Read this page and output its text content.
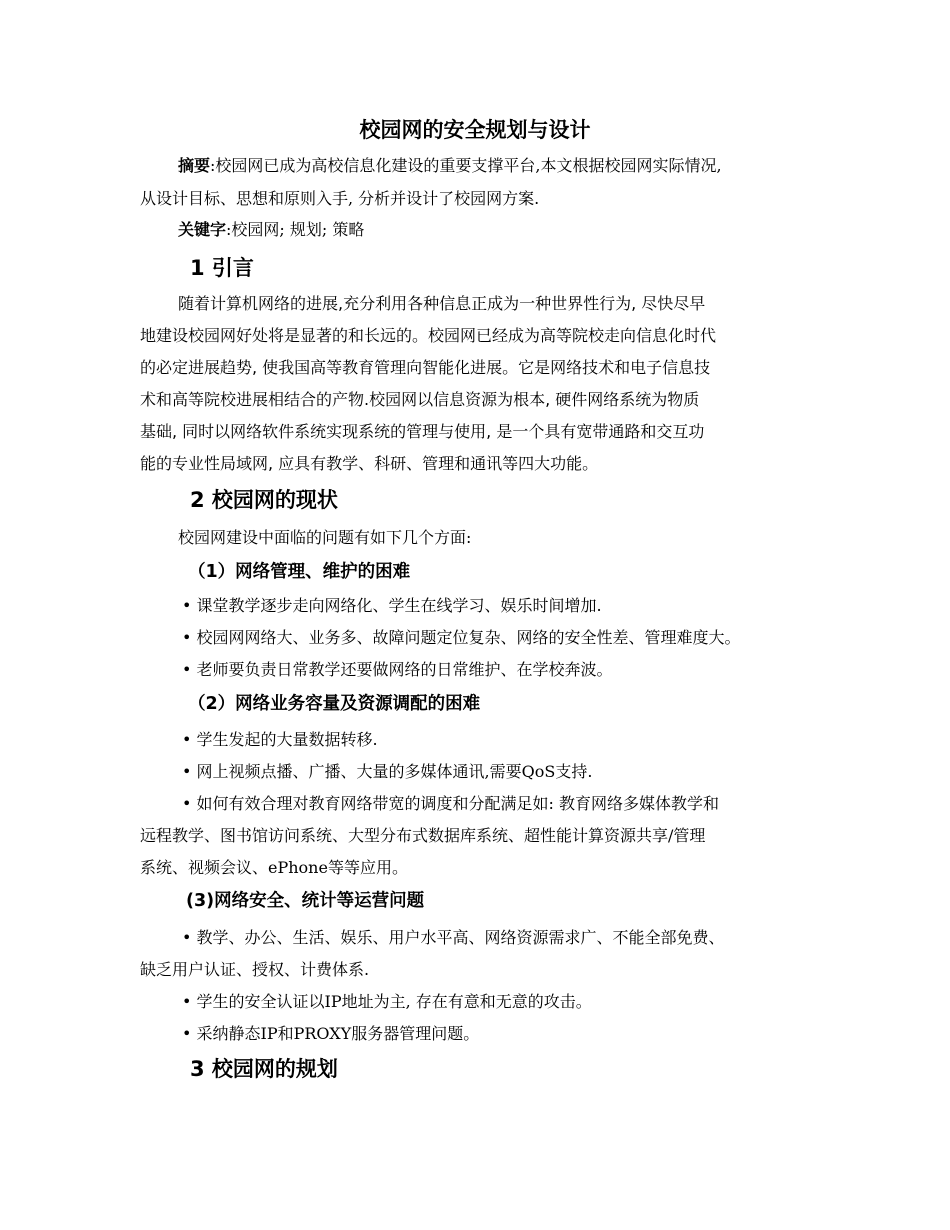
校园网的安全规划与设计
摘要:校园网已成为高校信息化建设的重要支撑平台,本文根据校园网实际情况,
从设计目标、思想和原则入手, 分析并设计了校园网方案.
关键字:校园网; 规划; 策略
1 引言
随着计算机网络的进展,充分利用各种信息正成为一种世界性行为, 尽快尽早
地建设校园网好处将是显著的和长远的。校园网已经成为高等院校走向信息化时代
的必定进展趋势, 使我国高等教育管理向智能化进展。它是网络技术和电子信息技
术和高等院校进展相结合的产物.校园网以信息资源为根本, 硬件网络系统为物质
基础, 同时以网络软件系统实现系统的管理与使用, 是一个具有宽带通路和交互功
能的专业性局域网, 应具有教学、科研、管理和通讯等四大功能。
2 校园网的现状
校园网建设中面临的问题有如下几个方面:
（1）网络管理、维护的困难
• 课堂教学逐步走向网络化、学生在线学习、娱乐时间增加.
• 校园网网络大、业务多、故障问题定位复杂、网络的安全性差、管理难度大。
• 老师要负责日常教学还要做网络的日常维护、在学校奔波。
（2）网络业务容量及资源调配的困难
• 学生发起的大量数据转移.
• 网上视频点播、广播、大量的多媒体通讯,需要QoS支持.
• 如何有效合理对教育网络带宽的调度和分配满足如: 教育网络多媒体教学和
远程教学、图书馆访问系统、大型分布式数据库系统、超性能计算资源共享/管理
系统、视频会议、ePhone等等应用。
(3)网络安全、统计等运营问题
• 教学、办公、生活、娱乐、用户水平高、网络资源需求广、不能全部免费、
缺乏用户认证、授权、计费体系.
• 学生的安全认证以IP地址为主, 存在有意和无意的攻击。
• 采纳静态IP和PROXY服务器管理问题。
3 校园网的规划
